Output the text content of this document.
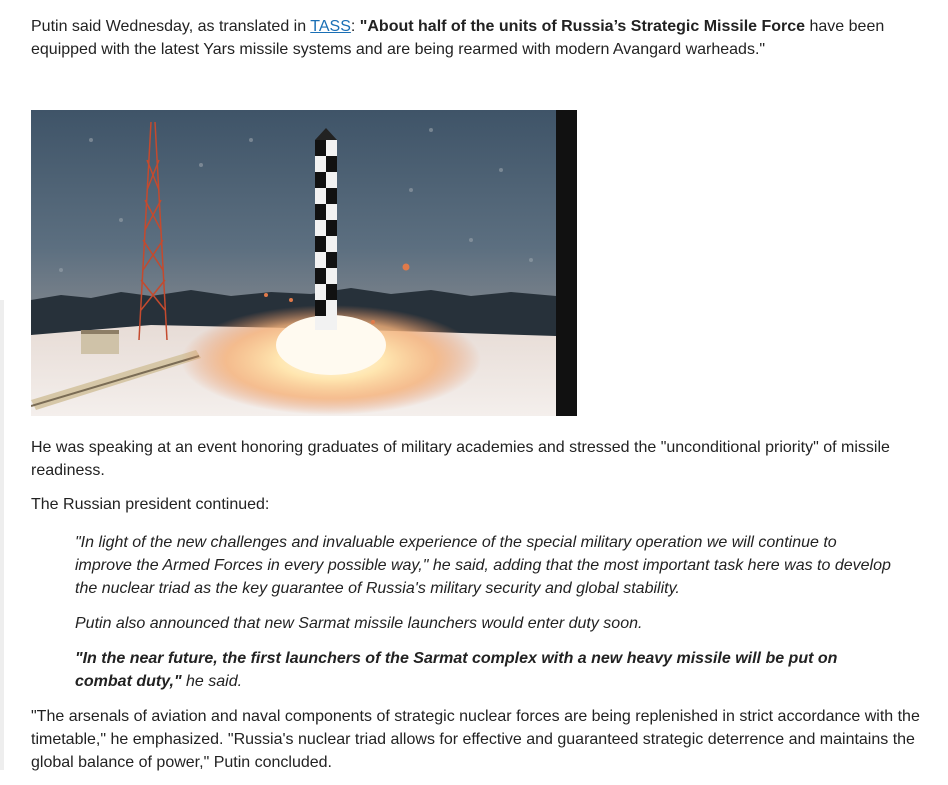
Putin said Wednesday, as translated in TASS: "About half of the units of Russia’s Strategic Missile Force have been equipped with the latest Yars missile systems and are being rearmed with modern Avangard warheads."

He was speaking at an event honoring graduates of military academies and stressed the "unconditional priority" of missile readiness.

The Russian president continued:

"In light of the new challenges and invaluable experience of the special military operation we will continue to improve the Armed Forces in every possible way," he said, adding that the most important task here was to develop the nuclear triad as the key guarantee of Russia's military security and global stability.

Putin also announced that new Sarmat missile launchers would enter duty soon.

"In the near future, the first launchers of the Sarmat complex with a new heavy missile will be put on combat duty," he said.

"The arsenals of aviation and naval components of strategic nuclear forces are being replenished in strict accordance with the timetable," he emphasized. "Russia's nuclear triad allows for effective and guaranteed strategic deterrence and maintains the global balance of power," Putin concluded.
